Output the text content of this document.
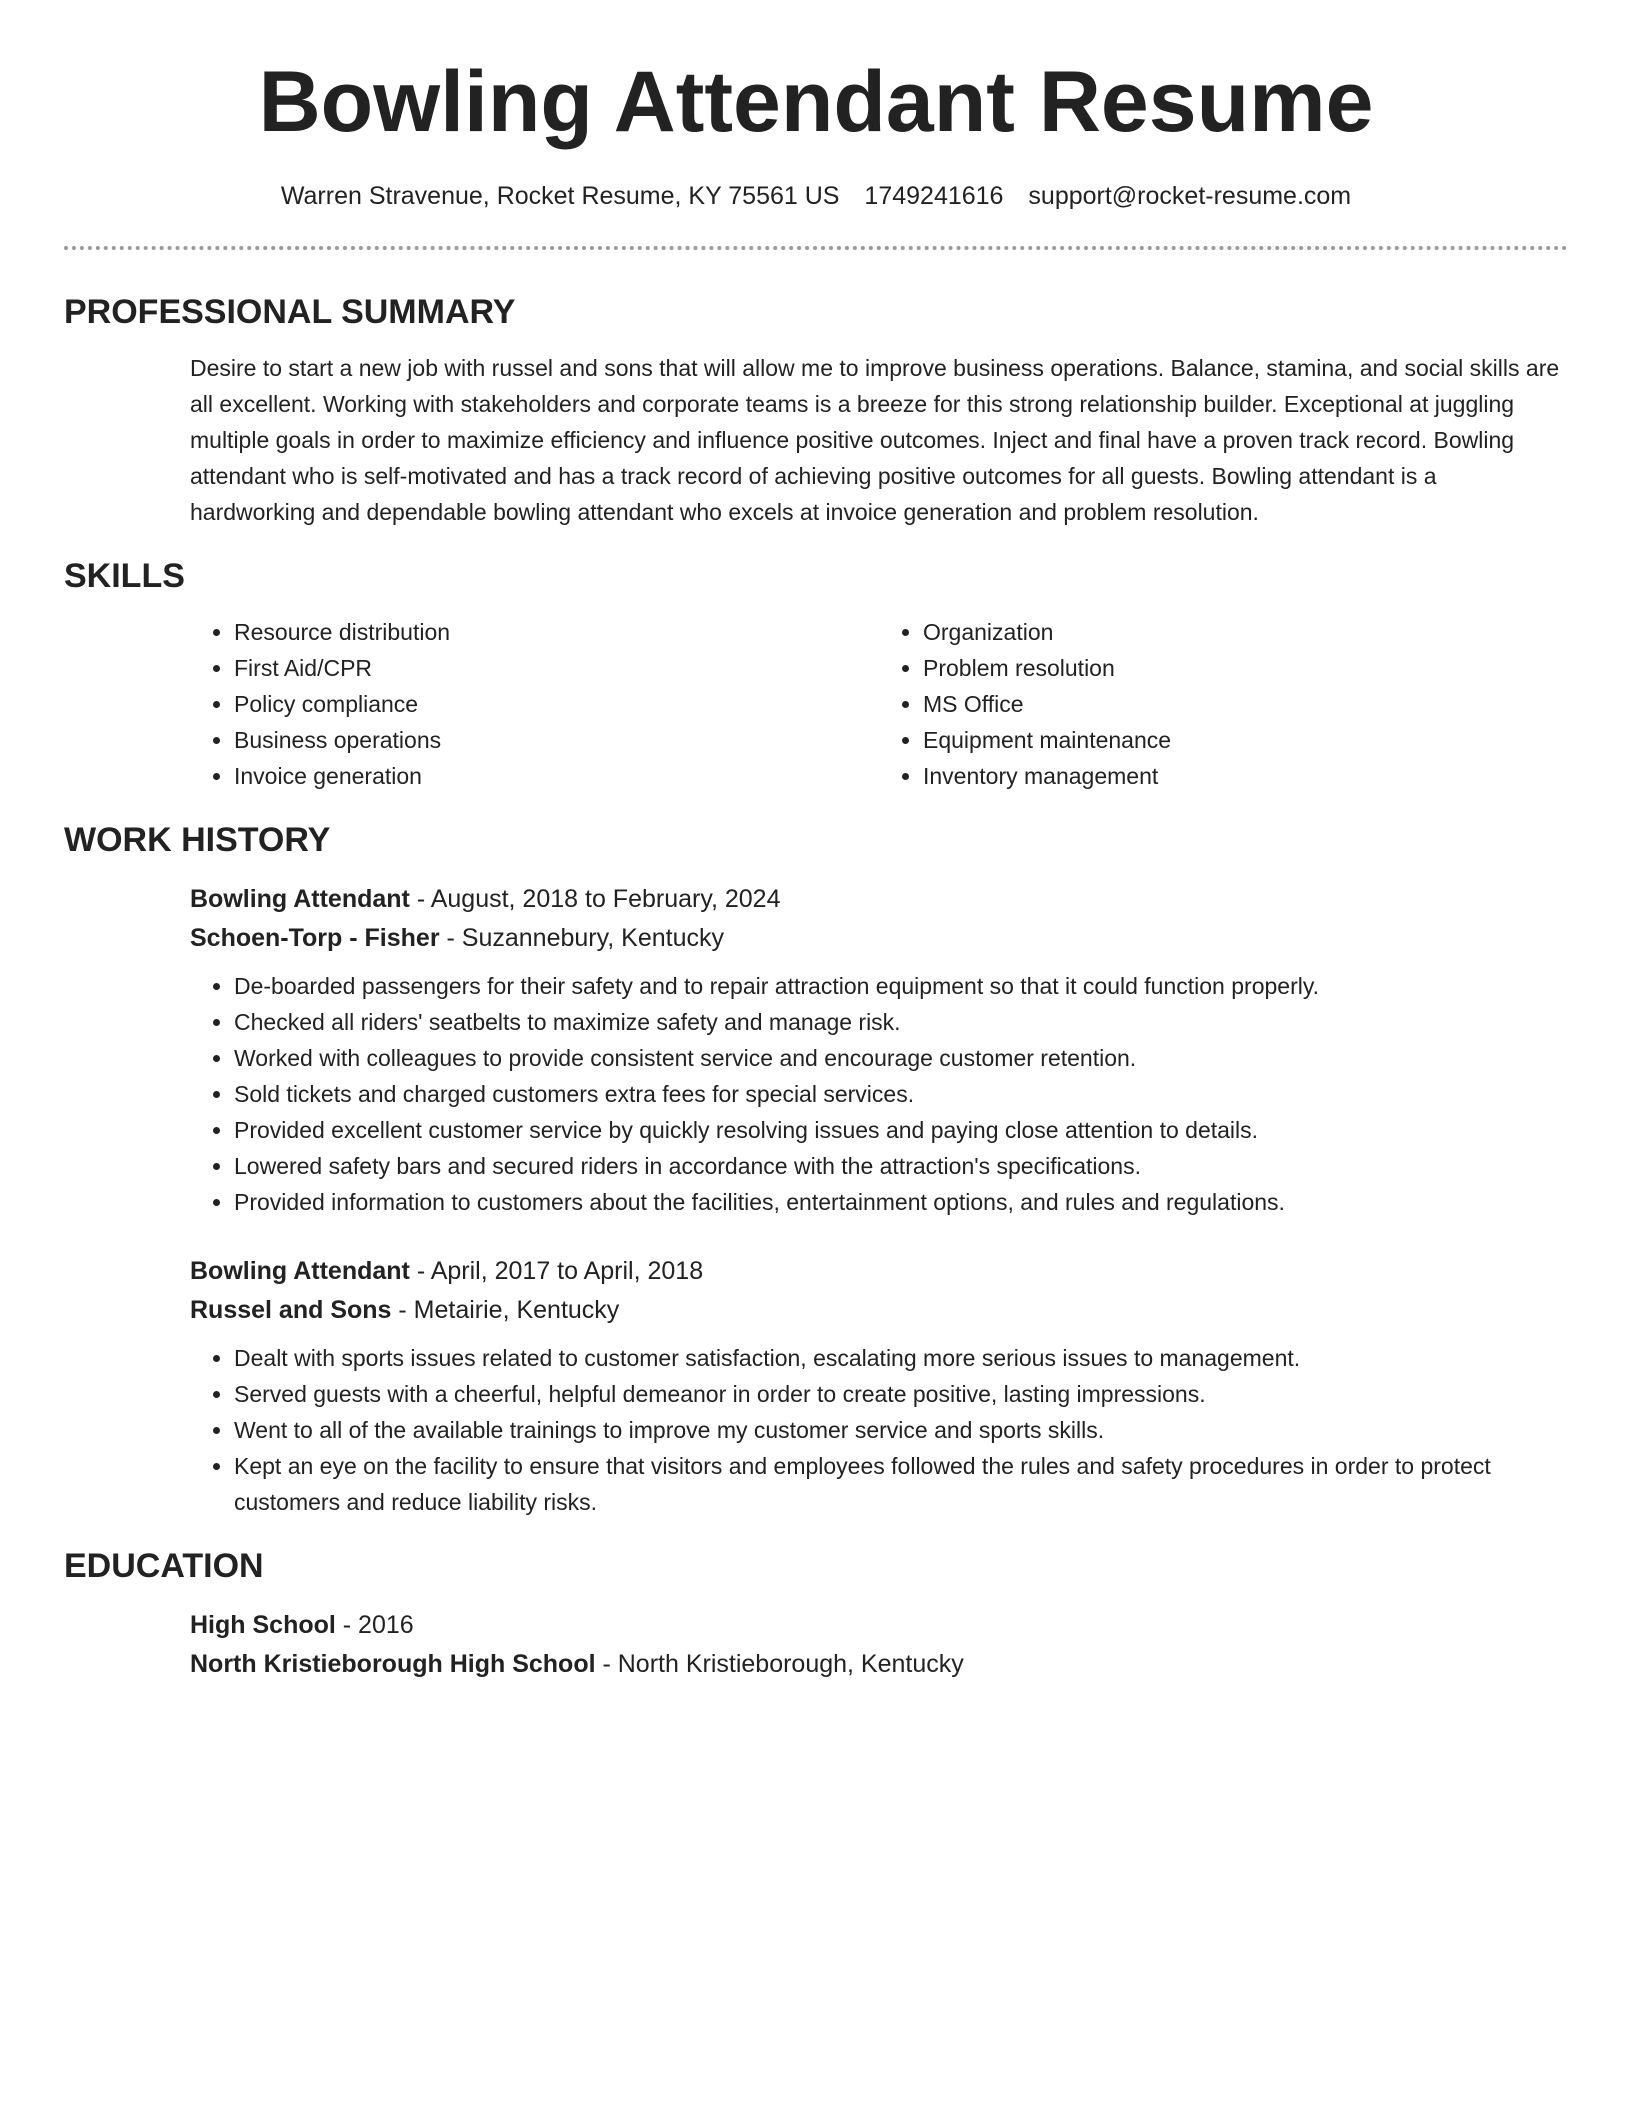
Bowling Attendant Resume
Warren Stravenue, Rocket Resume, KY 75561 US 1749241616 support@rocket-resume.com
PROFESSIONAL SUMMARY

Desire to start a new job with russel and sons that will allow me to improve business operations. Balance, stamina, and social skills are all excellent. Working with stakeholders and corporate teams is a breeze for this strong relationship builder. Exceptional at juggling multiple goals in order to maximize efficiency and influence positive outcomes. Inject and final have a proven track record. Bowling attendant who is self-motivated and has a track record of achieving positive outcomes for all guests. Bowling attendant is a hardworking and dependable bowling attendant who excels at invoice generation and problem resolution.

SKILLS
• Resource distribution
• First Aid/CPR
• Policy compliance
• Business operations
• Invoice generation
• Organization
• Problem resolution
• MS Office
• Equipment maintenance
• Inventory management
WORK HISTORY
Bowling Attendant - August, 2018 to February, 2024
Schoen-Torp - Fisher - Suzannebury, Kentucky
• De-boarded passengers for their safety and to repair attraction equipment so that it could function properly.
• Checked all riders' seatbelts to maximize safety and manage risk.
• Worked with colleagues to provide consistent service and encourage customer retention.
• Sold tickets and charged customers extra fees for special services.
• Provided excellent customer service by quickly resolving issues and paying close attention to details.
• Lowered safety bars and secured riders in accordance with the attraction's specifications.
• Provided information to customers about the facilities, entertainment options, and rules and regulations.
Bowling Attendant - April, 2017 to April, 2018
Russel and Sons - Metairie, Kentucky
• Dealt with sports issues related to customer satisfaction, escalating more serious issues to management.
• Served guests with a cheerful, helpful demeanor in order to create positive, lasting impressions.
• Went to all of the available trainings to improve my customer service and sports skills.
• Kept an eye on the facility to ensure that visitors and employees followed the rules and safety procedures in order to protect customers and reduce liability risks.
EDUCATION
High School - 2016
North Kristieborough High School - North Kristieborough, Kentucky
